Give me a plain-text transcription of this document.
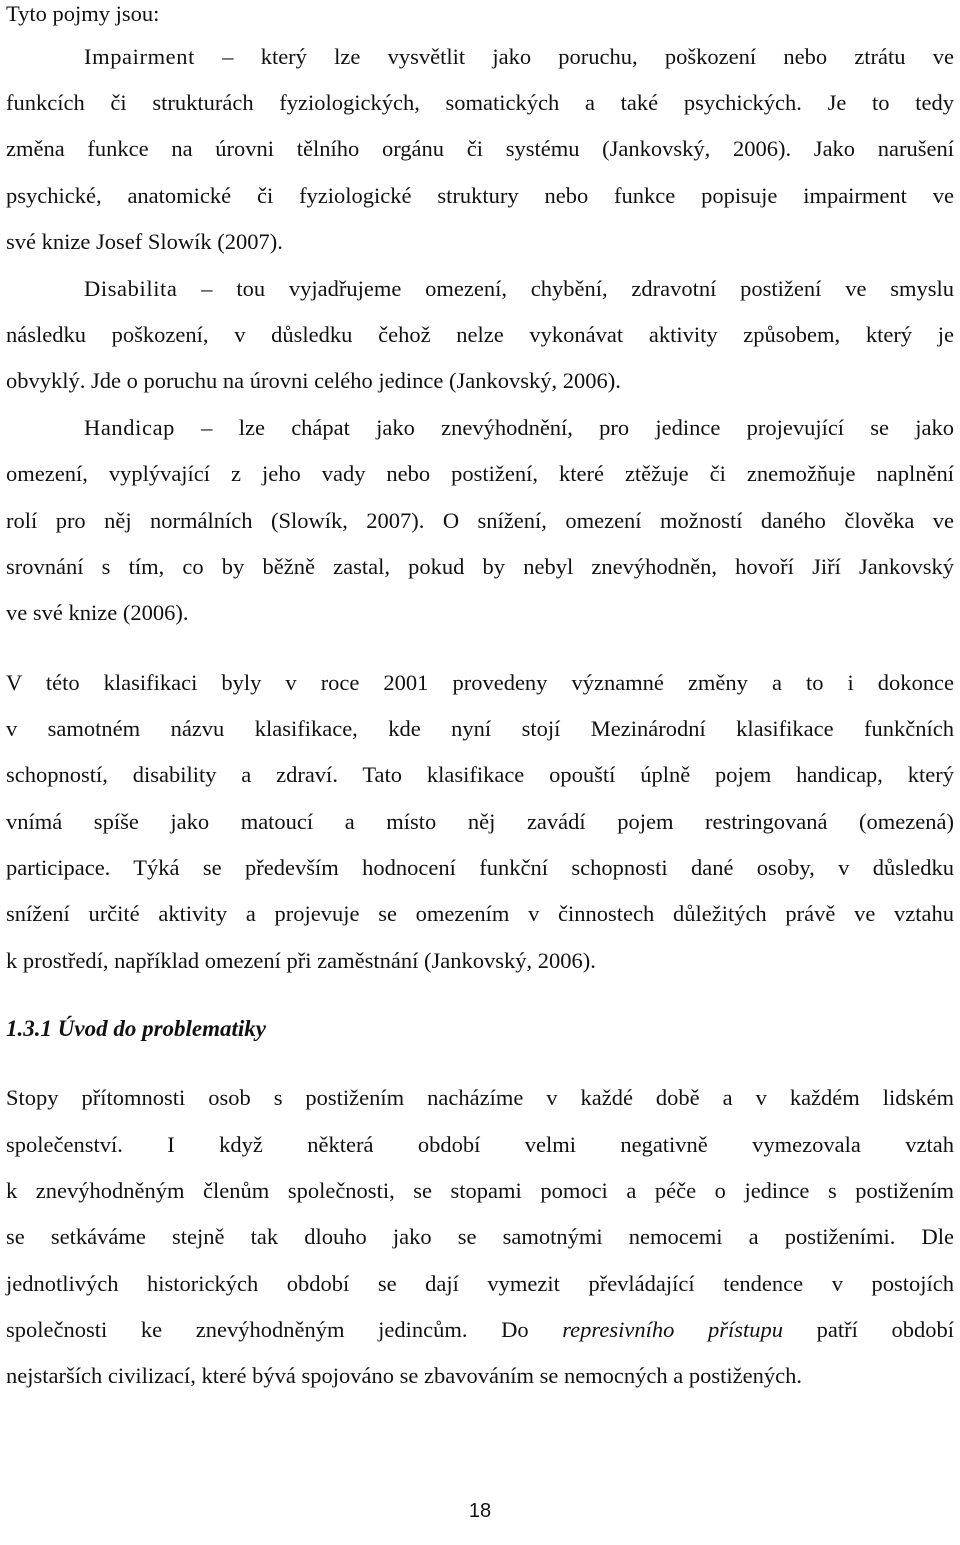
Tyto pojmy jsou:
Impairment – který lze vysvětlit jako poruchu, poškození nebo ztrátu ve
funkcích či strukturách fyziologických, somatických a také psychických. Je to tedy
změna funkce na úrovni tělního orgánu či systému (Jankovský, 2006). Jako narušení
psychické, anatomické či fyziologické struktury nebo funkce popisuje impairment ve
své knize Josef Slowík (2007).
Disabilita – tou vyjadřujeme omezení, chybění, zdravotní postižení ve smyslu
následku poškození, v důsledku čehož nelze vykonávat aktivity způsobem, který je
obvyklý. Jde o poruchu na úrovni celého jedince (Jankovský, 2006).
Handicap – lze chápat jako znevýhodnění, pro jedince projevující se jako
omezení, vyplývající z jeho vady nebo postižení, které ztěžuje či znemožňuje naplnění
rolí pro něj normálních (Slowík, 2007). O snížení, omezení možností daného člověka ve
srovnání s tím, co by běžně zastal, pokud by nebyl znevýhodněn, hovoří Jiří Jankovský
ve své knize (2006).
V této klasifikaci byly v roce 2001 provedeny významné změny a to i dokonce
v samotném názvu klasifikace, kde nyní stojí Mezinárodní klasifikace funkčních
schopností, disability a zdraví. Tato klasifikace opouští úplně pojem handicap, který
vnímá spíše jako matoucí a místo něj zavádí pojem restringovaná (omezená)
participace. Týká se především hodnocení funkční schopnosti dané osoby, v důsledku
snížení určité aktivity a projevuje se omezením v činnostech důležitých právě ve vztahu
k prostředí, například omezení při zaměstnání (Jankovský, 2006).
1.3.1 Úvod do problematiky
Stopy přítomnosti osob s postižením nacházíme v každé době a v každém lidském
společenství. I když některá období velmi negativně vymezovala vztah
k znevýhodněným členům společnosti, se stopami pomoci a péče o jedince s postižením
se setkáváme stejně tak dlouho jako se samotnými nemocemi a postiženími. Dle
jednotlivých historických období se dají vymezit převládající tendence v postojích
společnosti ke znevýhodněným jedincům. Do represivního přístupu patří období
nejstarších civilizací, které bývá spojováno se zbavováním se nemocných a postižených.
18
